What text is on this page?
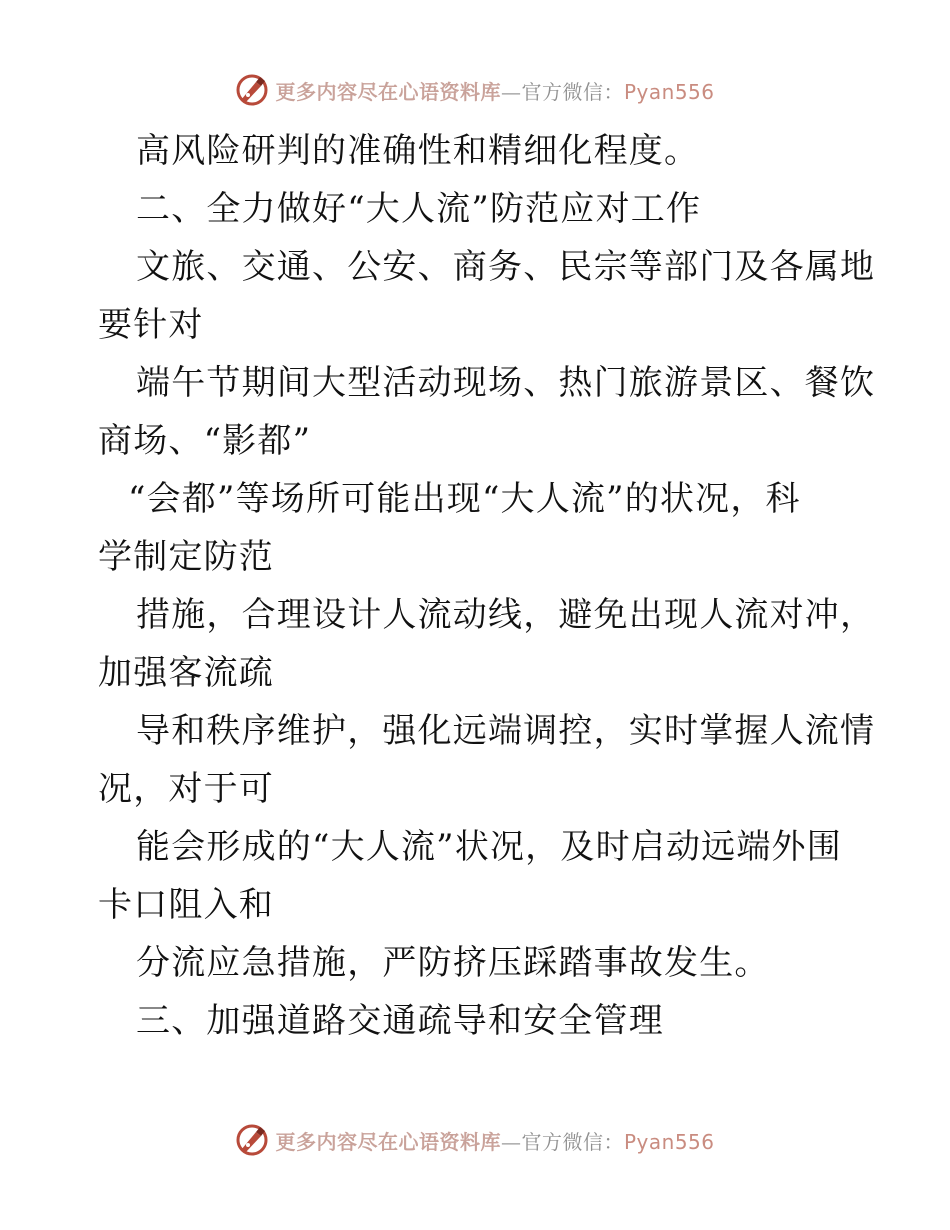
更多内容尽在心语资料库—官方微信：Pyan556
高风险研判的准确性和精细化程度。
二、全力做好“大人流”防范应对工作
文旅、交通、公安、商务、民宗等部门及各属地
要针对
端午节期间大型活动现场、热门旅游景区、餐饮
商场、“影都”
“会都”等场所可能出现“大人流”的状况，科
学制定防范
措施，合理设计人流动线，避免出现人流对冲，
加强客流疏
导和秩序维护，强化远端调控，实时掌握人流情
况，对于可
能会形成的“大人流”状况，及时启动远端外围
卡口阻入和
分流应急措施，严防挤压踩踏事故发生。
三、加强道路交通疏导和安全管理
更多内容尽在心语资料库—官方微信：Pyan556
